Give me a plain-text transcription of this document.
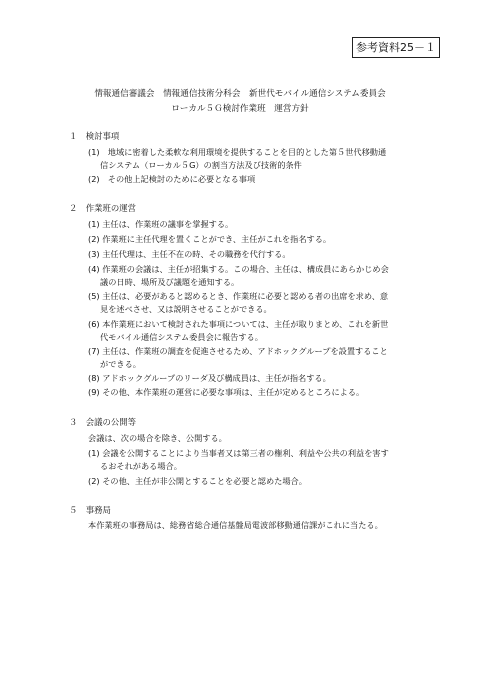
参考資料25－１
情報通信審議会　情報通信技術分科会　新世代モバイル通信システム委員会
ローカル５Ｇ検討作業班　運営方針
１　検討事項
(1)　地域に密着した柔軟な利用環境を提供することを目的とした第５世代移動通
信システム（ローカル５G）の割当方法及び技術的条件
(2)　その他上記検討のために必要となる事項
２　作業班の運営
(1) 主任は、作業班の議事を掌握する。
(2) 作業班に主任代理を置くことができ、主任がこれを指名する。
(3) 主任代理は、主任不在の時、その職務を代行する。
(4) 作業班の会議は、主任が招集する。この場合、主任は、構成員にあらかじめ会
議の日時、場所及び議題を通知する。
(5) 主任は、必要があると認めるとき、作業班に必要と認める者の出席を求め、意
見を述べさせ、又は説明させることができる。
(6) 本作業班において検討された事項については、主任が取りまとめ、これを新世
代モバイル通信システム委員会に報告する。
(7) 主任は、作業班の調査を促進させるため、アドホックグループを設置すること
ができる。
(8) アドホックグループのリーダ及び構成員は、主任が指名する。
(9) その他、本作業班の運営に必要な事項は、主任が定めるところによる。
３　会議の公開等
会議は、次の場合を除き、公開する。
(1) 会議を公開することにより当事者又は第三者の権利、利益や公共の利益を害す
るおそれがある場合。
(2) その他、主任が非公開とすることを必要と認めた場合。
５　事務局
本作業班の事務局は、総務省総合通信基盤局電波部移動通信課がこれに当たる。
